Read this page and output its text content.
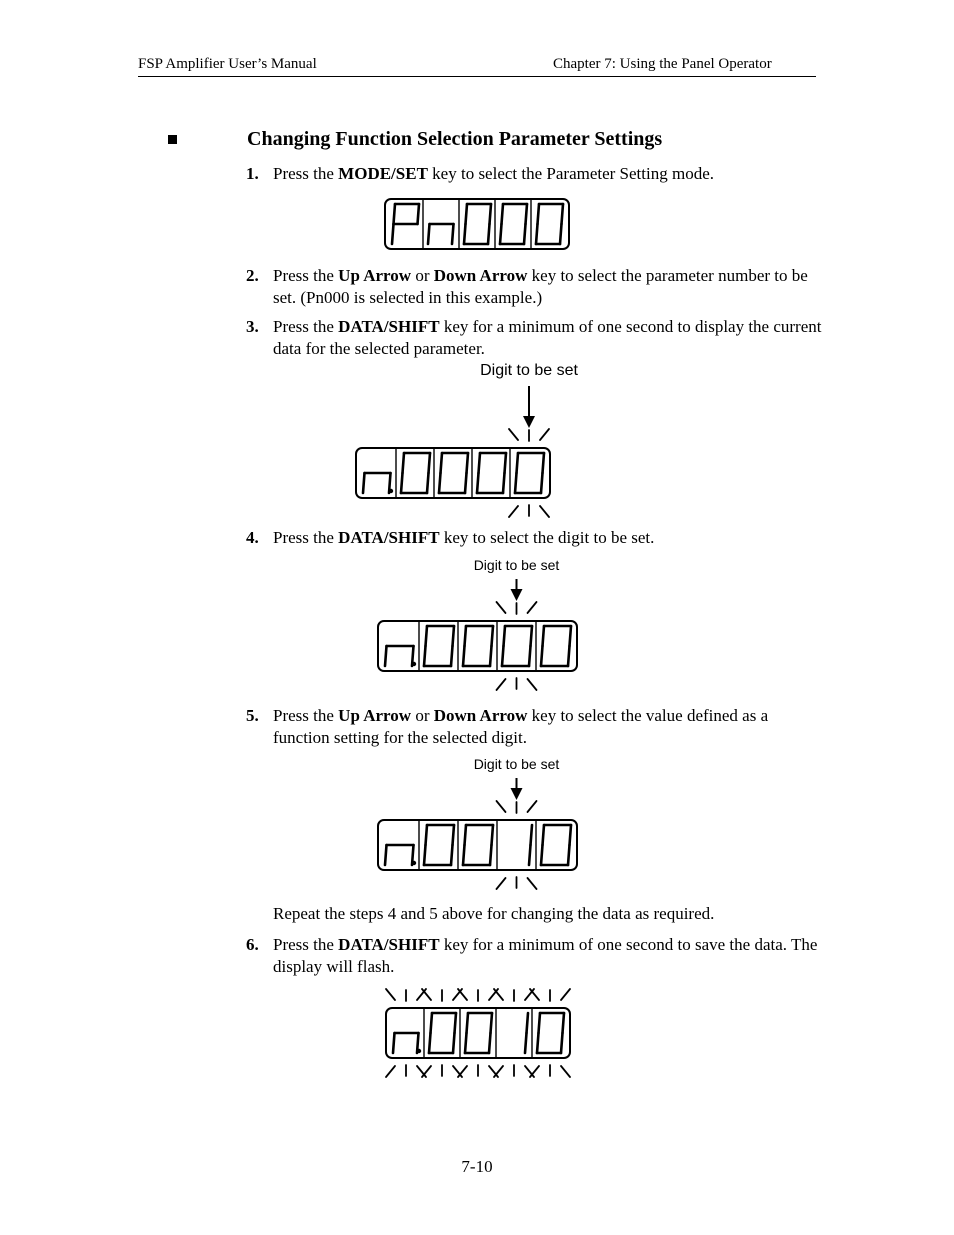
FSP Amplifier User’s Manual	Chapter 7: Using the Panel Operator
Changing Function Selection Parameter Settings
1. Press the MODE/SET key to select the Parameter Setting mode.
2. Press the Up Arrow or Down Arrow key to select the parameter number to be set. (Pn000 is selected in this example.)
3. Press the DATA/SHIFT key for a minimum of one second to display the current data for the selected parameter.
4. Press the DATA/SHIFT key to select the digit to be set.
5. Press the Up Arrow or Down Arrow key to select the value defined as a function setting for the selected digit.
Repeat the steps 4 and 5 above for changing the data as required.
6. Press the DATA/SHIFT key for a minimum of one second to save the data. The display will flash.
Digit to be set
Digit to be set
Digit to be set
7-10
